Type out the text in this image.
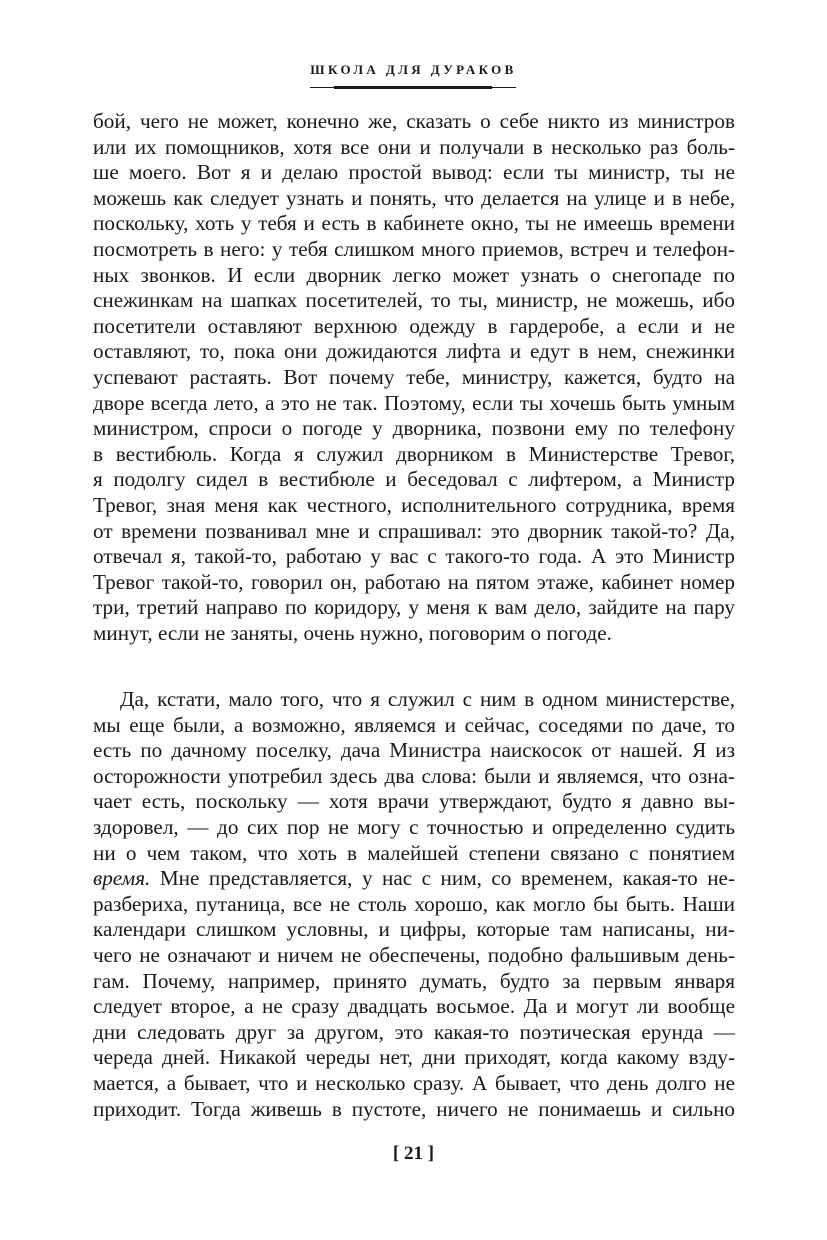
ШКОЛА ДЛЯ ДУРАКОВ
бой, чего не может, конечно же, сказать о себе никто из министров
или их помощников, хотя все они и получали в несколько раз боль-
ше моего. Вот я и делаю простой вывод: если ты министр, ты не
можешь как следует узнать и понять, что делается на улице и в небе,
поскольку, хоть у тебя и есть в кабинете окно, ты не имеешь времени
посмотреть в него: у тебя слишком много приемов, встреч и телефон-
ных звонков. И если дворник легко может узнать о снегопаде по
снежинкам на шапках посетителей, то ты, министр, не можешь, ибо
посетители оставляют верхнюю одежду в гардеробе, а если и не
оставляют, то, пока они дожидаются лифта и едут в нем, снежинки
успевают растаять. Вот почему тебе, министру, кажется, будто на
дворе всегда лето, а это не так. Поэтому, если ты хочешь быть умным
министром, спроси о погоде у дворника, позвони ему по телефону
в вестибюль. Когда я служил дворником в Министерстве Тревог,
я подолгу сидел в вестибюле и беседовал с лифтером, а Министр
Тревог, зная меня как честного, исполнительного сотрудника, время
от времени позванивал мне и спрашивал: это дворник такой-то? Да,
отвечал я, такой-то, работаю у вас с такого-то года. А это Министр
Тревог такой-то, говорил он, работаю на пятом этаже, кабинет номер
три, третий направо по коридору, у меня к вам дело, зайдите на пару
минут, если не заняты, очень нужно, поговорим о погоде.
Да, кстати, мало того, что я служил с ним в одном министерстве,
мы еще были, а возможно, являемся и сейчас, соседями по даче, то
есть по дачному поселку, дача Министра наискосок от нашей. Я из
осторожности употребил здесь два слова: были и являемся, что озна-
чает есть, поскольку — хотя врачи утверждают, будто я давно вы-
здоровел, — до сих пор не могу с точностью и определенно судить
ни о чем таком, что хоть в малейшей степени связано с понятием
время. Мне представляется, у нас с ним, со временем, какая-то не-
разбериха, путаница, все не столь хорошо, как могло бы быть. Наши
календари слишком условны, и цифры, которые там написаны, ни-
чего не означают и ничем не обеспечены, подобно фальшивым день-
гам. Почему, например, принято думать, будто за первым января
следует второе, а не сразу двадцать восьмое. Да и могут ли вообще
дни следовать друг за другом, это какая-то поэтическая ерунда —
череда дней. Никакой череды нет, дни приходят, когда какому взду-
мается, а бывает, что и несколько сразу. А бывает, что день долго не
приходит. Тогда живешь в пустоте, ничего не понимаешь и сильно
[ 21 ]
